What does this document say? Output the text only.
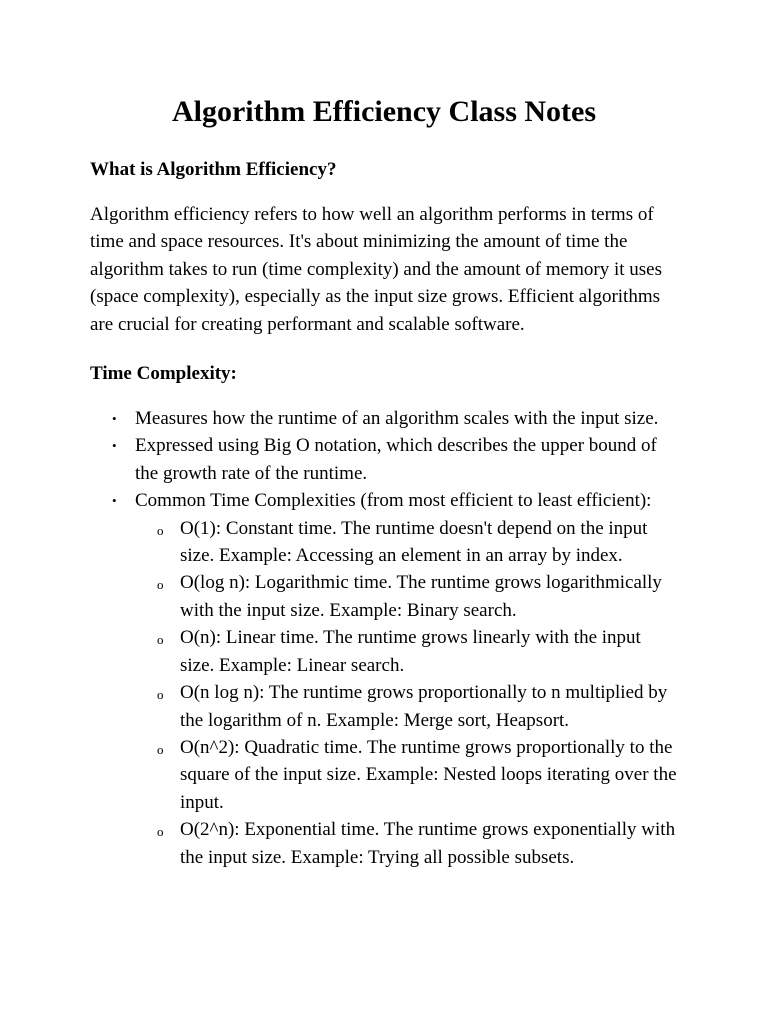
Algorithm Efficiency Class Notes
What is Algorithm Efficiency?

Algorithm efficiency refers to how well an algorithm performs in terms of time and space resources. It's about minimizing the amount of time the algorithm takes to run (time complexity) and the amount of memory it uses (space complexity), especially as the input size grows. Efficient algorithms are crucial for creating performant and scalable software.

Time Complexity:
• Measures how the runtime of an algorithm scales with the input size.
• Expressed using Big O notation, which describes the upper bound of the growth rate of the runtime.
• Common Time Complexities (from most efficient to least efficient):
o O(1): Constant time. The runtime doesn't depend on the input size. Example: Accessing an element in an array by index.
o O(log n): Logarithmic time. The runtime grows logarithmically with the input size. Example: Binary search.
o O(n): Linear time. The runtime grows linearly with the input size. Example: Linear search.
o O(n log n): The runtime grows proportionally to n multiplied by the logarithm of n. Example: Merge sort, Heapsort.
o O(n^2): Quadratic time. The runtime grows proportionally to the square of the input size. Example: Nested loops iterating over the input.
o O(2^n): Exponential time. The runtime grows exponentially with the input size. Example: Trying all possible subsets.
